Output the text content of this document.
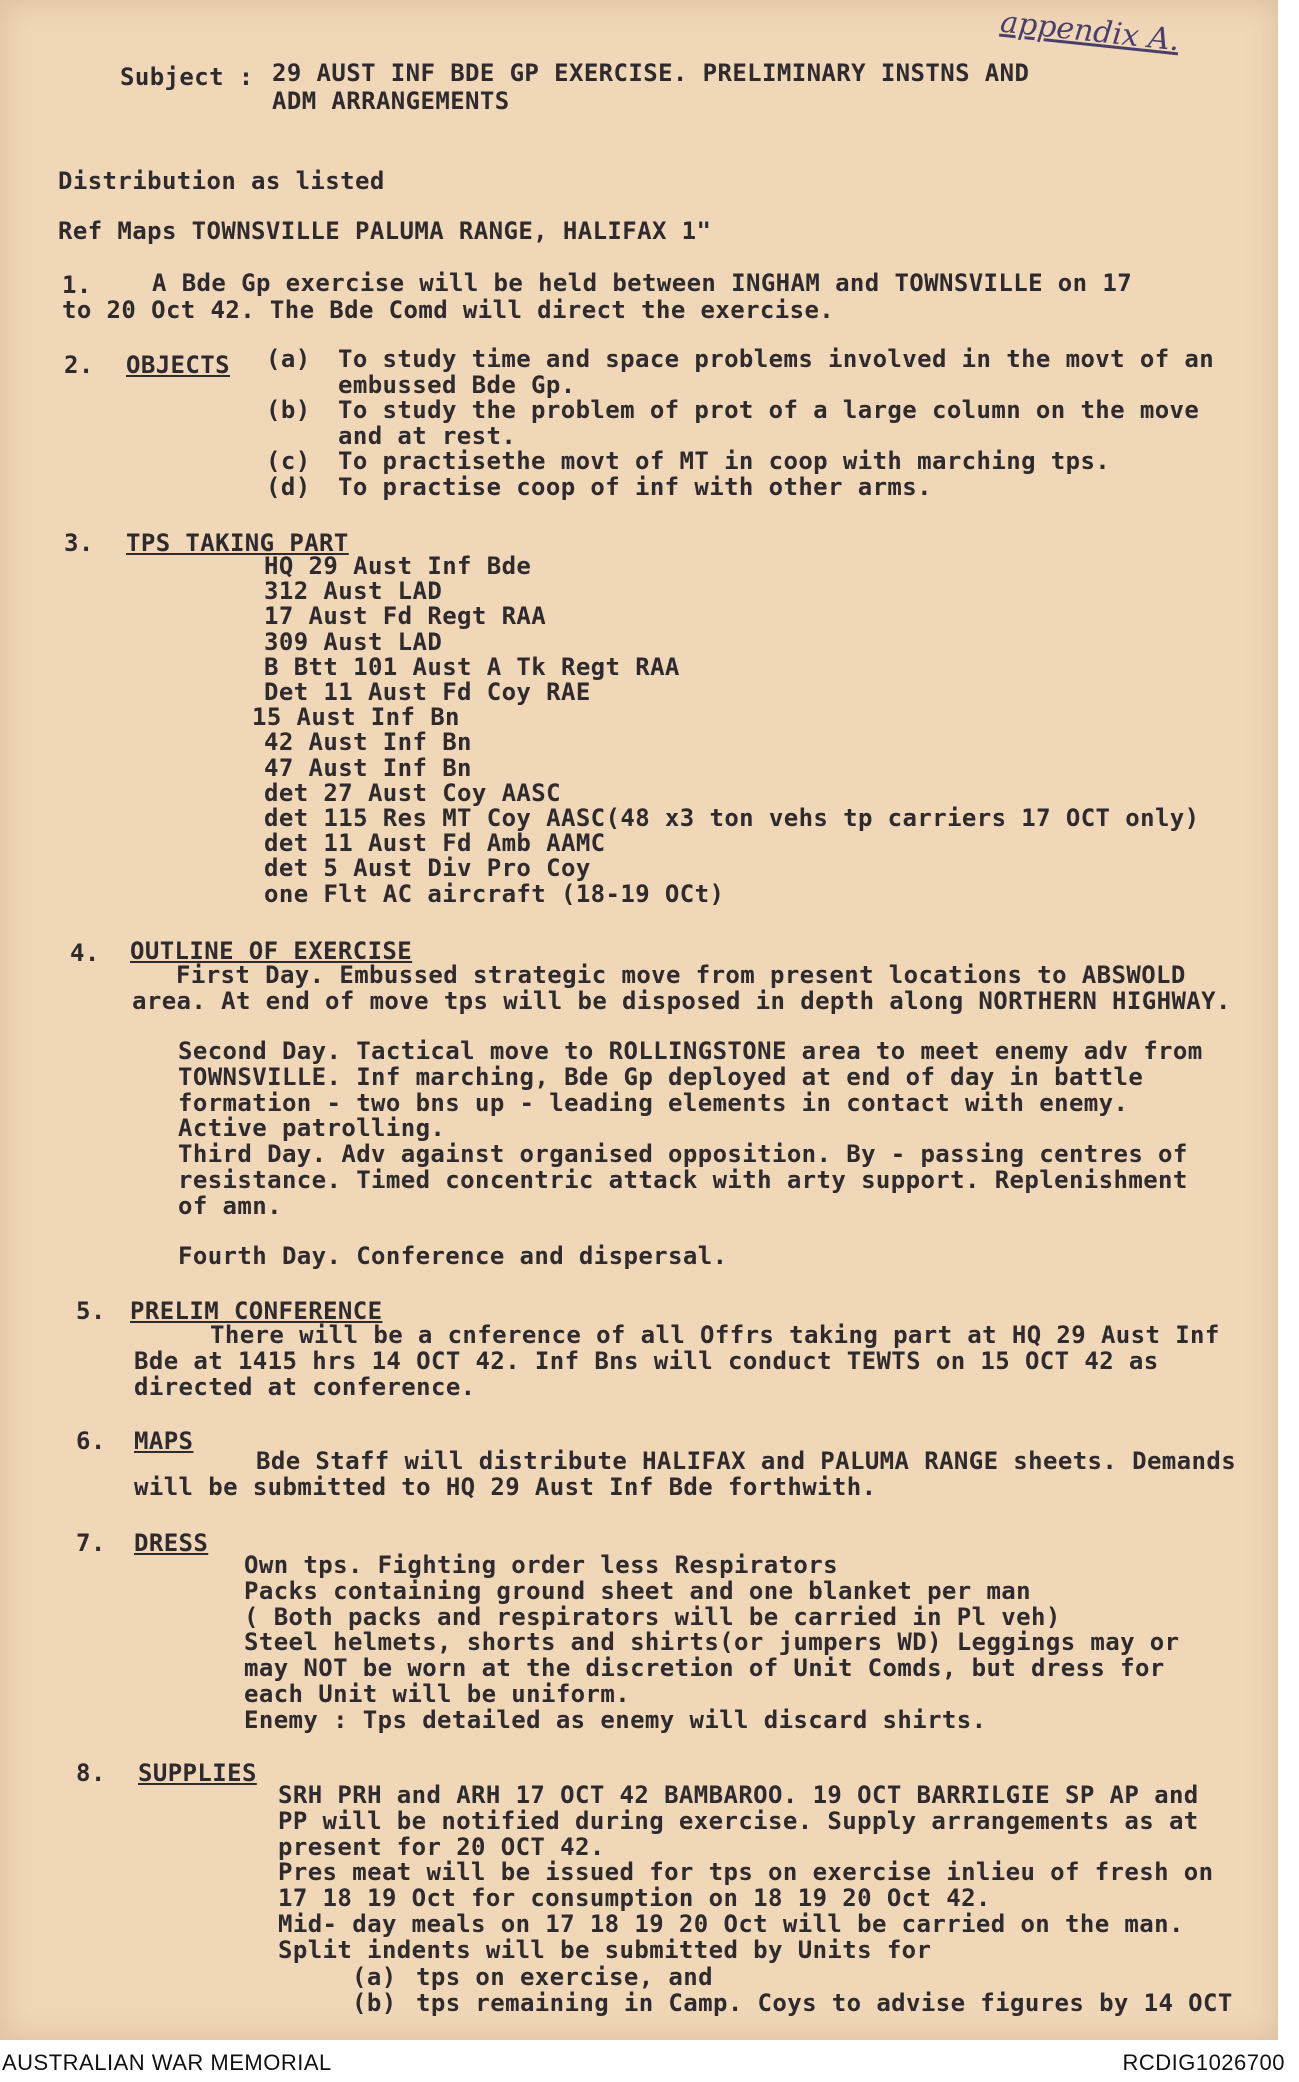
appendix A.
Subject : 29 AUST INF BDE GP EXERCISE. PRELIMINARY INSTNS AND
ADM ARRANGEMENTS
Distribution as listed
Ref Maps TOWNSVILLE PALUMA RANGE, HALIFAX 1"
1.	A Bde Gp exercise will be held between INGHAM and TOWNSVILLE on 17
to 20 Oct 42. The Bde Comd will direct the exercise.
2. OBJECTS (a) To study time and space problems involved in the movt of an
embussed Bde Gp.
(b) To study the problem of prot of a large column on the move
and at rest.
(c) To practisethe movt of MT in coop with marching tps.
(d) To practise coop of inf with other arms.
3. TPS TAKING PART
HQ 29 Aust Inf Bde
312 Aust LAD
17 Aust Fd Regt RAA
309 Aust LAD
B Btt 101 Aust A Tk Regt RAA
Det 11 Aust Fd Coy RAE
15 Aust Inf Bn
42 Aust Inf Bn
47 Aust Inf Bn
det 27 Aust Coy AASC
det 115 Res MT Coy AASC(48 x3 ton vehs tp carriers 17 OCT only)
det 11 Aust Fd Amb AAMC
det 5 Aust Div Pro Coy
one Flt AC aircraft (18-19 OCt)
4. OUTLINE OF EXERCISE
First Day. Embussed strategic move from present locations to ABSWOLD
area. At end of move tps will be disposed in depth along NORTHERN HIGHWAY.
Second Day. Tactical move to ROLLINGSTONE area to meet enemy adv from
TOWNSVILLE. Inf marching, Bde Gp deployed at end of day in battle
formation - two bns up - leading elements in contact with enemy.
Active patrolling.
Third Day. Adv against organised opposition. By - passing centres of
resistance. Timed concentric attack with arty support. Replenishment
of amn.
Fourth Day. Conference and dispersal.
5. PRELIM CONFERENCE
There will be a cnference of all Offrs taking part at HQ 29 Aust Inf
Bde at 1415 hrs 14 OCT 42. Inf Bns will conduct TEWTS on 15 OCT 42 as
directed at conference.
6. MAPS
Bde Staff will distribute HALIFAX and PALUMA RANGE sheets. Demands
will be submitted to HQ 29 Aust Inf Bde forthwith.
7. DRESS
Own tps. Fighting order less Respirators
Packs containing ground sheet and one blanket per man
( Both packs and respirators will be carried in Pl veh)
Steel helmets, shorts and shirts(or jumpers WD) Leggings may or
may NOT be worn at the discretion of Unit Comds, but dress for
each Unit will be uniform.
Enemy : Tps detailed as enemy will discard shirts.
8. SUPPLIES
SRH PRH and ARH 17 OCT 42 BAMBAROO. 19 OCT BARRILGIE SP AP and
PP will be notified during exercise. Supply arrangements as at
present for 20 OCT 42.
Pres meat will be issued for tps on exercise inlieu of fresh on
17 18 19 Oct for consumption on 18 19 20 Oct 42.
Mid- day meals on 17 18 19 20 Oct will be carried on the man.
Split indents will be submitted by Units for
(a) tps on exercise, and
(b) tps remaining in Camp. Coys to advise figures by 14 OCT
AUSTRALIAN WAR MEMORIAL	RCDIG1026700
